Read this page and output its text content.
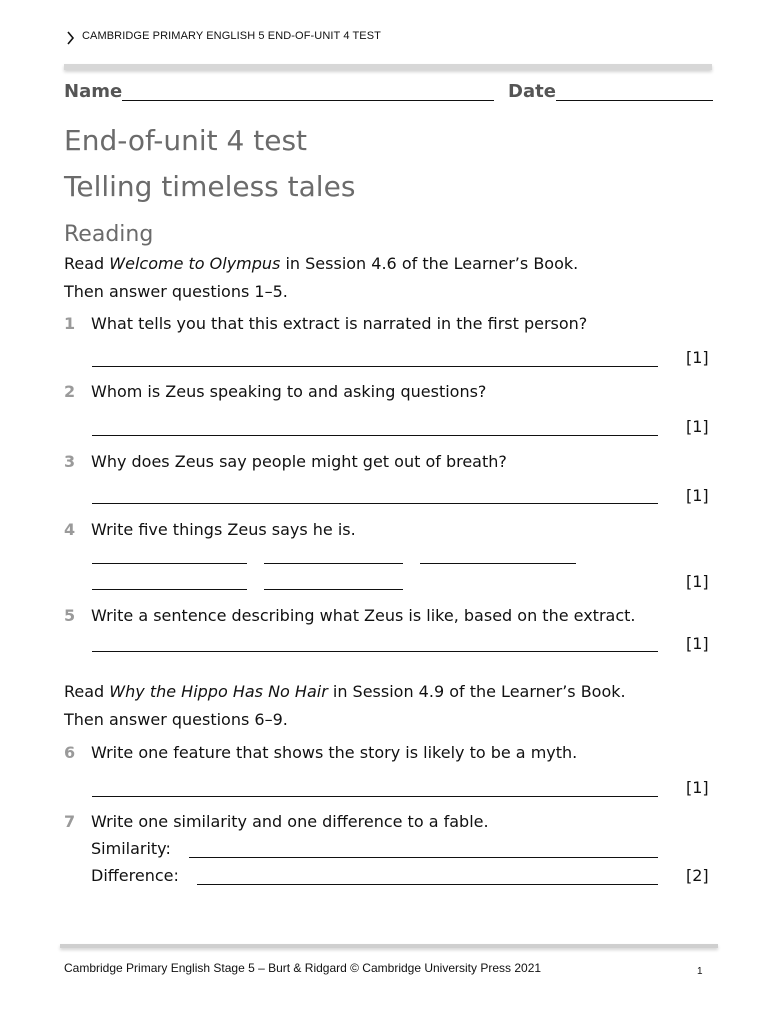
CAMBRIDGE PRIMARY ENGLISH 5 END-OF-UNIT 4 TEST
Name	Date
End-of-unit 4 test
Telling timeless tales
Reading
Read Welcome to Olympus in Session 4.6 of the Learner’s Book.
Then answer questions 1–5.
1 What tells you that this extract is narrated in the first person?
[1]
2 Whom is Zeus speaking to and asking questions?
[1]
3 Why does Zeus say people might get out of breath?
[1]
4 Write five things Zeus says he is.
[1]
5 Write a sentence describing what Zeus is like, based on the extract.
[1]
Read Why the Hippo Has No Hair in Session 4.9 of the Learner’s Book.
Then answer questions 6–9.
6 Write one feature that shows the story is likely to be a myth.
[1]
7 Write one similarity and one difference to a fable.
Similarity:
Difference:	[2]
Cambridge Primary English Stage 5 – Burt & Ridgard © Cambridge University Press 2021	1
